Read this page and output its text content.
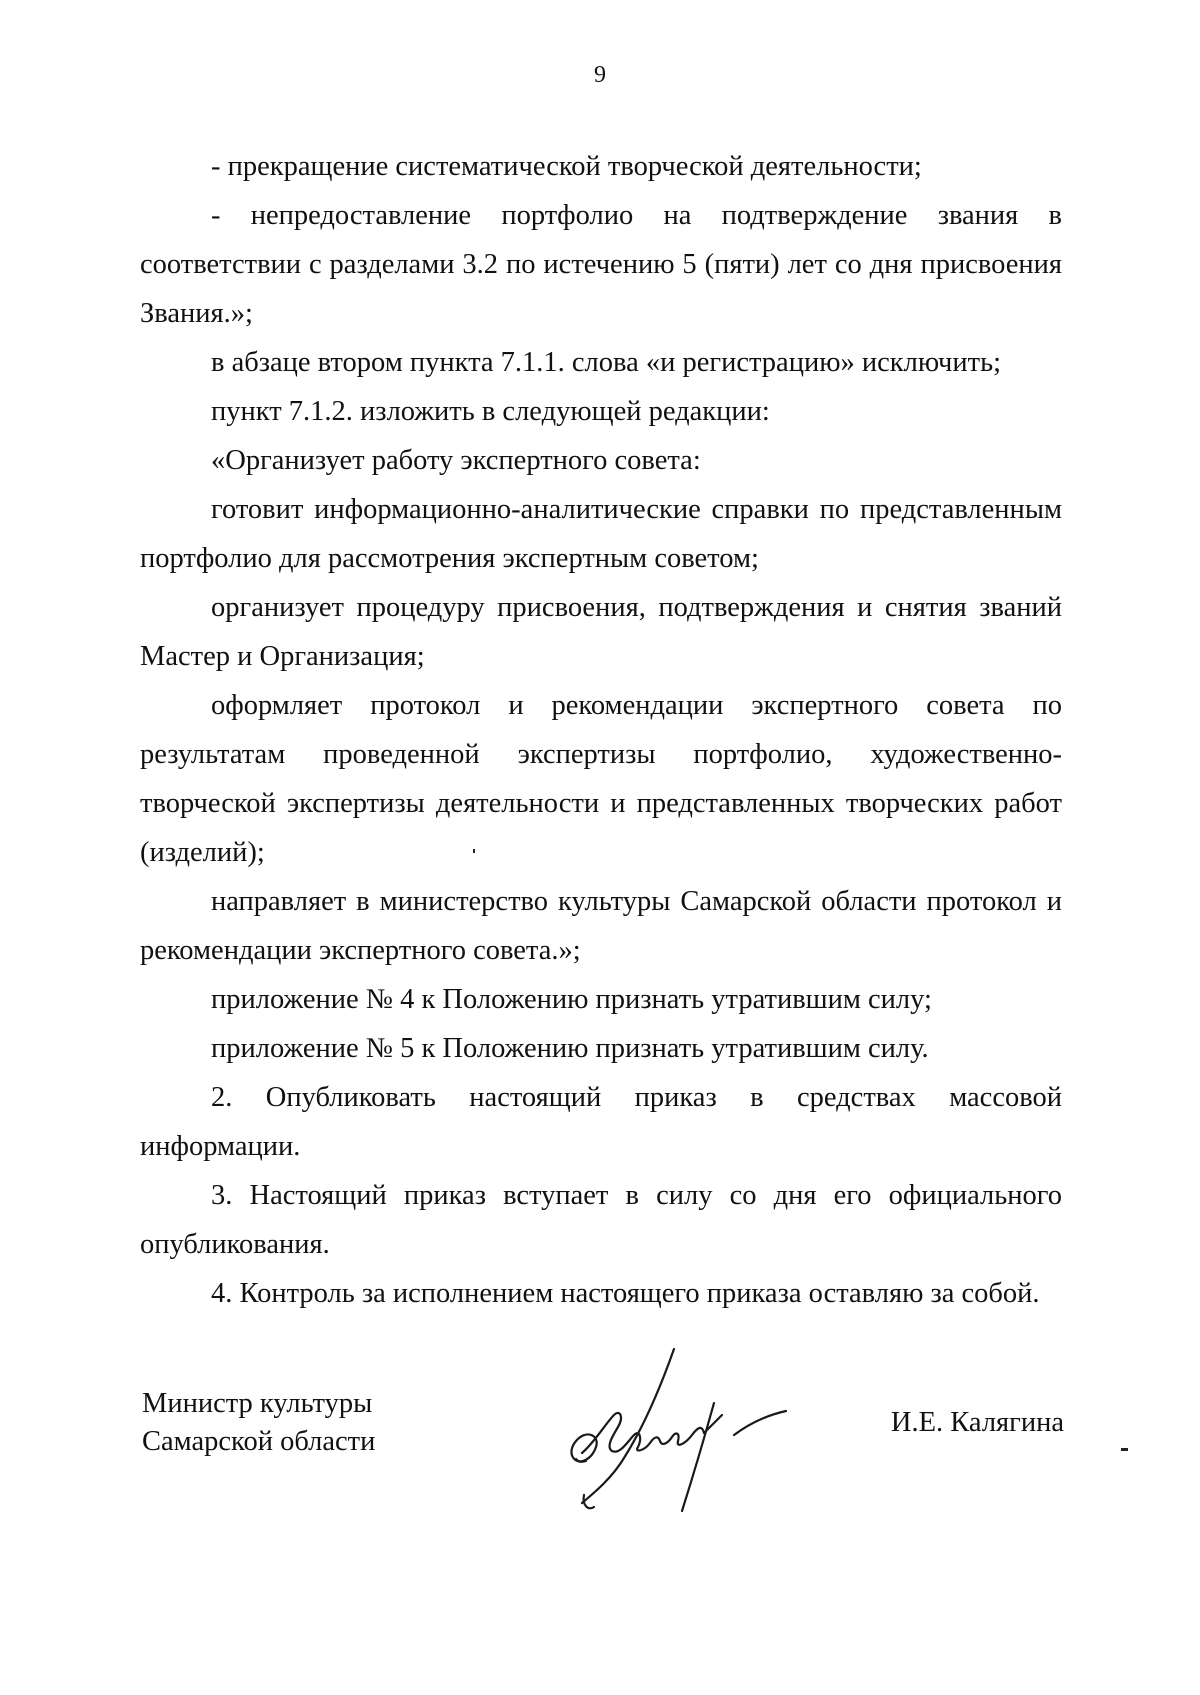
9

- прекращение систематической творческой деятельности;

- непредоставление портфолио на подтверждение звания в соответствии с разделами 3.2 по истечению 5 (пяти) лет со дня присвоения Звания.»;

в абзаце втором пункта 7.1.1. слова «и регистрацию» исключить;

пункт 7.1.2. изложить в следующей редакции:

«Организует работу экспертного совета:

готовит информационно-аналитические справки по представленным портфолио для рассмотрения экспертным советом;

организует процедуру присвоения, подтверждения и снятия званий Мастер и Организация;

оформляет протокол и рекомендации экспертного совета по результатам проведенной экспертизы портфолио, художественно-творческой экспертизы деятельности и представленных творческих работ (изделий);

направляет в министерство культуры Самарской области протокол и рекомендации экспертного совета.»;

приложение № 4 к Положению признать утратившим силу;

приложение № 5 к Положению признать утратившим силу.

2. Опубликовать настоящий приказ в средствах массовой информации.

3. Настоящий приказ вступает в силу со дня его официального опубликования.

4. Контроль за исполнением настоящего приказа оставляю за собой.

Министр культуры
Самарской области
И.Е. Калягина
